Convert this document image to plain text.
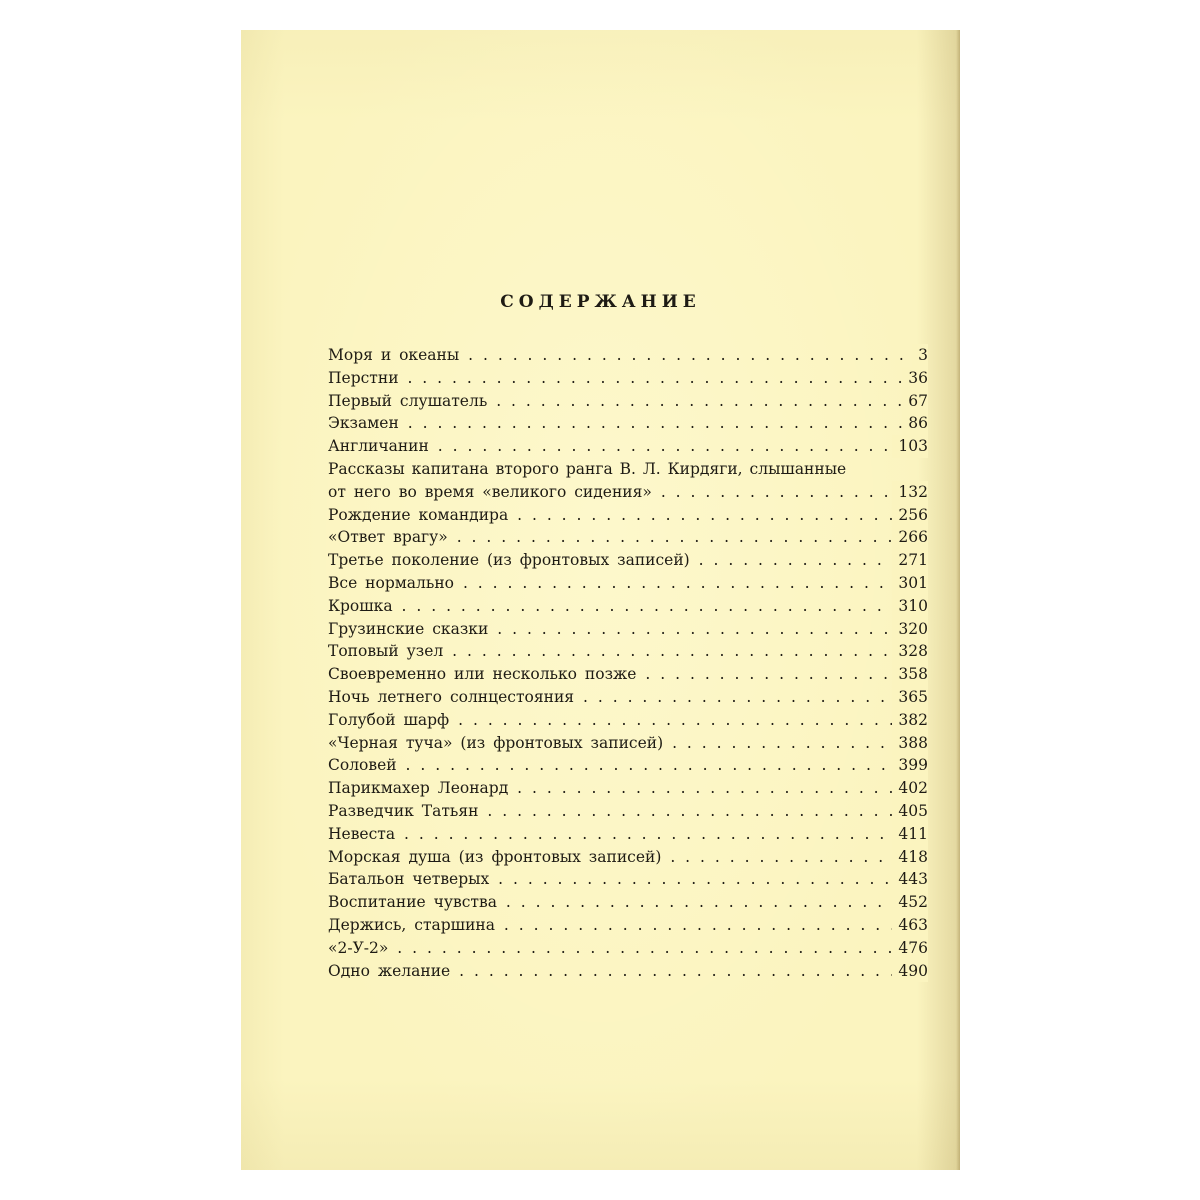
СОДЕРЖАНИЕ
Моря и океаны . .	3
Перстни . .	36
Первый слушатель . .	67
Экзамен . .	86
Англичанин . .	103
Рассказы капитана второго ранга В. Л. Кирдяги, слышанные
от него во время «великого сидения» . .	132
Рождение командира . .	256
«Ответ врагу» . .	266
Третье поколение (из фронтовых записей) . .	271
Все нормально . .	301
Крошка . .	310
Грузинские сказки . .	320
Топовый узел . .	328
Своевременно или несколько позже . .	358
Ночь летнего солнцестояния . .	365
Голубой шарф . .	382
«Черная туча» (из фронтовых записей) . .	388
Соловей . .	399
Парикмахер Леонард . .	402
Разведчик Татьян . .	405
Невеста . .	411
Морская душа (из фронтовых записей) . .	418
Батальон четверых . .	443
Воспитание чувства . .	452
Держись, старшина . .	463
«2-У-2» . .	476
Одно желание . .	490
